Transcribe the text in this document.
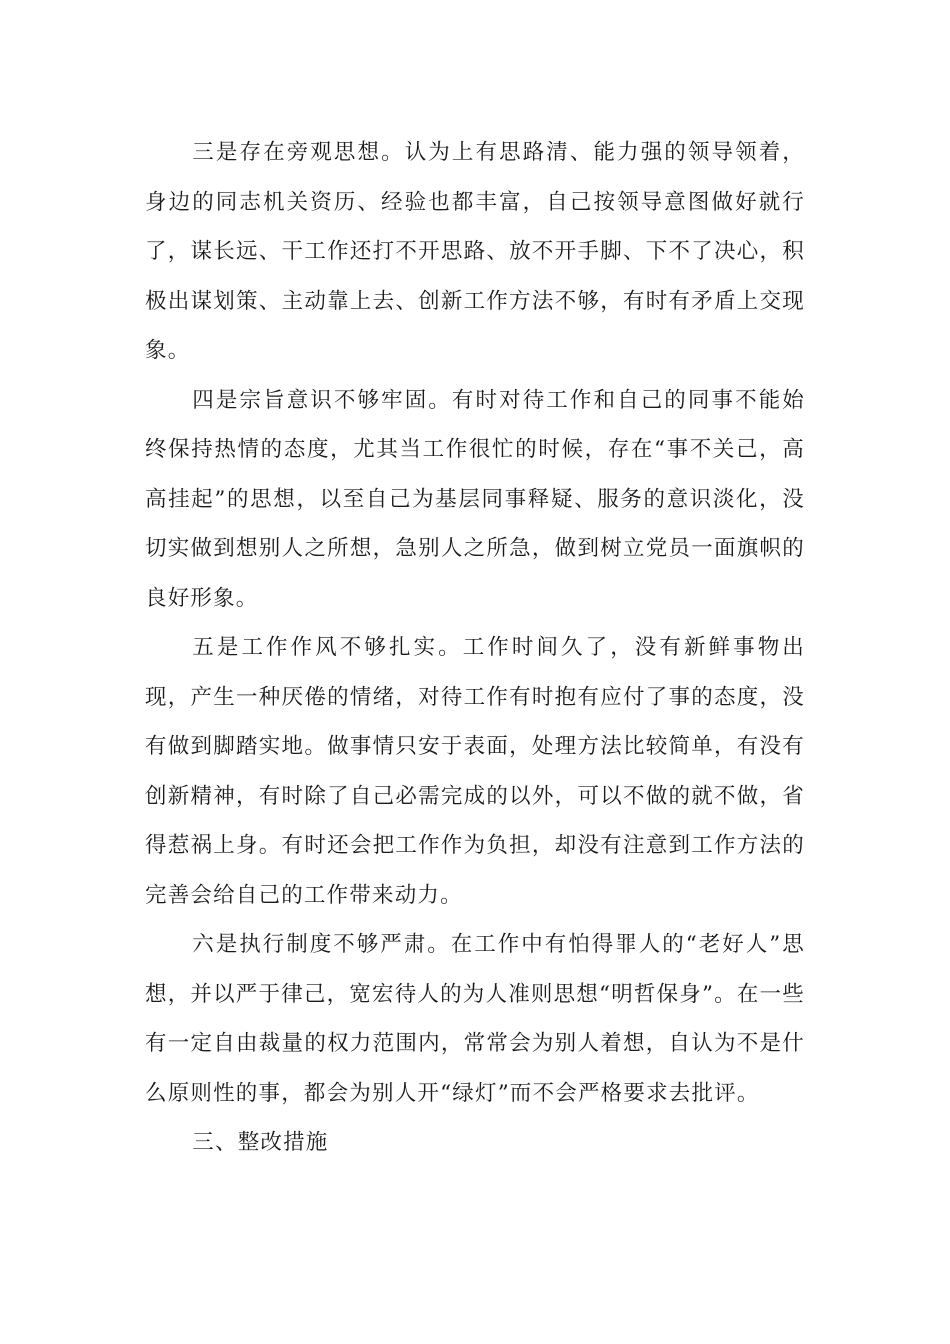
三是存在旁观思想。认为上有思路清、能力强的领导领着，身边的同志机关资历、经验也都丰富，自己按领导意图做好就行了，谋长远、干工作还打不开思路、放不开手脚、下不了决心，积极出谋划策、主动靠上去、创新工作方法不够，有时有矛盾上交现象。

四是宗旨意识不够牢固。有时对待工作和自己的同事不能始终保持热情的态度，尤其当工作很忙的时候，存在“事不关己，高高挂起”的思想，以至自己为基层同事释疑、服务的意识淡化，没切实做到想别人之所想，急别人之所急，做到树立党员一面旗帜的良好形象。

五是工作作风不够扎实。工作时间久了，没有新鲜事物出现，产生一种厌倦的情绪，对待工作有时抱有应付了事的态度，没有做到脚踏实地。做事情只安于表面，处理方法比较简单，有没有创新精神，有时除了自己必需完成的以外，可以不做的就不做，省得惹祸上身。有时还会把工作作为负担，却没有注意到工作方法的完善会给自己的工作带来动力。

六是执行制度不够严肃。在工作中有怕得罪人的“老好人”思想，并以严于律己，宽宏待人的为人准则思想“明哲保身”。在一些有一定自由裁量的权力范围内，常常会为别人着想，自认为不是什么原则性的事，都会为别人开“绿灯”而不会严格要求去批评。

三、整改措施
